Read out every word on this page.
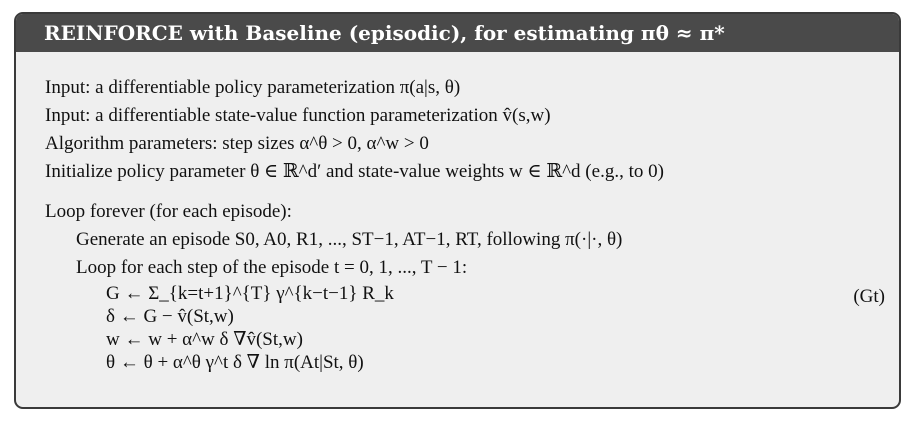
REINFORCE with Baseline (episodic), for estimating πθ ≈ π*
Input: a differentiable policy parameterization π(a|s, θ)
Input: a differentiable state-value function parameterization v̂(s,w)
Algorithm parameters: step sizes α^θ > 0, α^w > 0
Initialize policy parameter θ ∈ ℝ^d′ and state-value weights w ∈ ℝ^d (e.g., to 0)
Loop forever (for each episode):
Generate an episode S0, A0, R1, ..., ST−1, AT−1, RT, following π(·|·, θ)
Loop for each step of the episode t = 0, 1, ..., T − 1:
G ← Σ_{k=t+1}^{T} γ^{k−t−1} R_k
δ ← G − v̂(St,w)
w ← w + α^w δ ∇v̂(St,w)
θ ← θ + α^θ γ^t δ ∇ ln π(At|St, θ)
(Gt)
